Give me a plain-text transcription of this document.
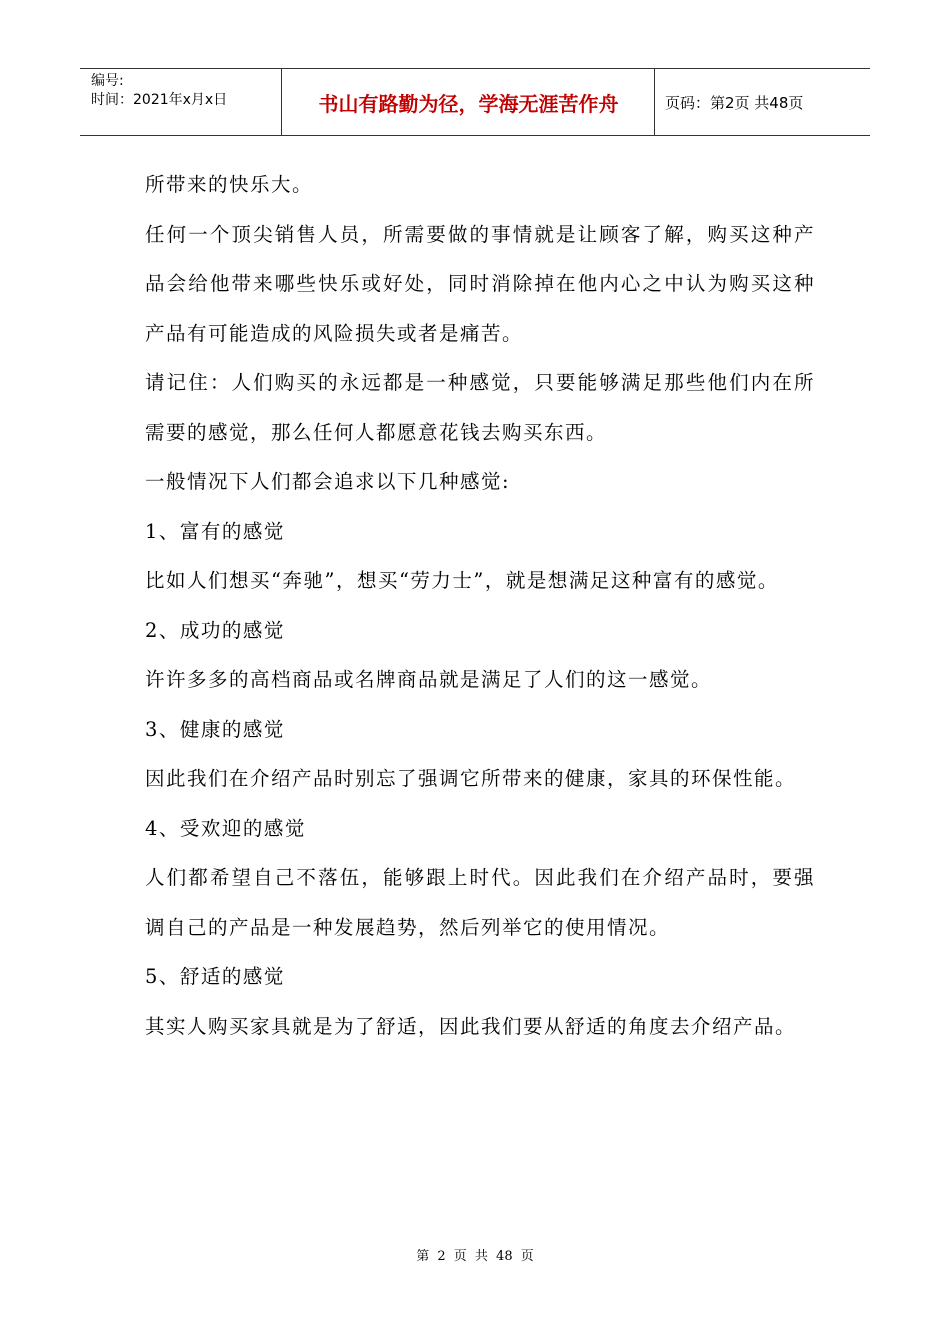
编号:
时间：2021年x月x日	书山有路勤为径，学海无涯苦作舟	页码：第2页 共48页

所带来的快乐大。

任何一个顶尖销售人员，所需要做的事情就是让顾客了解，购买这种产品会给他带来哪些快乐或好处，同时消除掉在他内心之中认为购买这种产品有可能造成的风险损失或者是痛苦。

请记住：人们购买的永远都是一种感觉，只要能够满足那些他们内在所需要的感觉，那么任何人都愿意花钱去购买东西。

一般情况下人们都会追求以下几种感觉:

1、富有的感觉

比如人们想买“奔驰”，想买“劳力士”，就是想满足这种富有的感觉。

2、成功的感觉

许许多多的高档商品或名牌商品就是满足了人们的这一感觉。

3、健康的感觉

因此我们在介绍产品时别忘了强调它所带来的健康，家具的环保性能。

4、受欢迎的感觉

人们都希望自己不落伍，能够跟上时代。因此我们在介绍产品时，要强调自己的产品是一种发展趋势，然后列举它的使用情况。

5、舒适的感觉

其实人购买家具就是为了舒适，因此我们要从舒适的角度去介绍产品。

第 2 页 共 48 页
